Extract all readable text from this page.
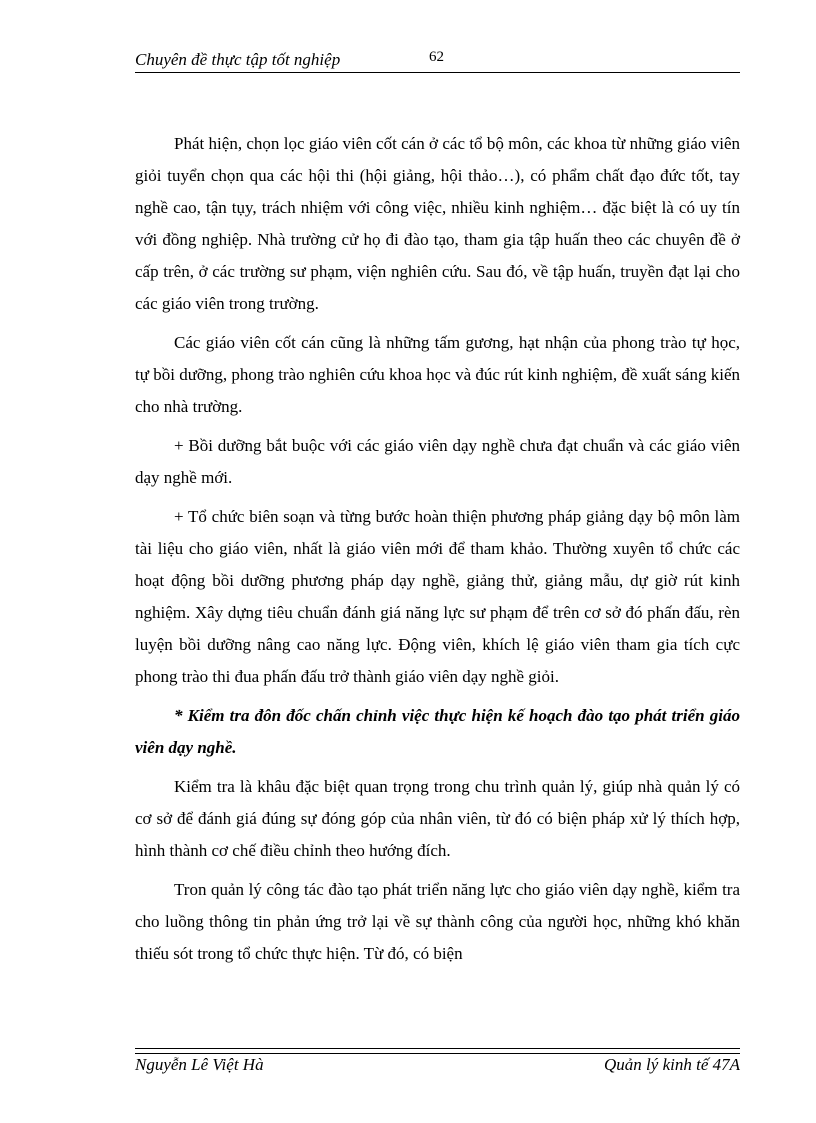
Chuyên đề thực tập tốt nghiệp	62

Phát hiện, chọn lọc giáo viên cốt cán ở các tổ bộ môn, các khoa từ những giáo viên giỏi tuyển chọn qua các hội thi (hội giảng, hội thảo…), có phẩm chất đạo đức tốt, tay nghề cao, tận tụy, trách nhiệm với công việc, nhiều kinh nghiệm… đặc biệt là có uy tín với đồng nghiệp. Nhà trường cử họ đi đào tạo, tham gia tập huấn theo các chuyên đề ở cấp trên, ở các trường sư phạm, viện nghiên cứu. Sau đó, về tập huấn, truyền đạt lại cho các giáo viên trong trường.

Các giáo viên cốt cán cũng là những tấm gương, hạt nhận của phong trào tự học, tự bồi dưỡng, phong trào nghiên cứu khoa học và đúc rút kinh nghiệm, đề xuất sáng kiến cho nhà trường.

+ Bồi dưỡng bắt buộc với các giáo viên dạy nghề chưa đạt chuẩn và các giáo viên dạy nghề mới.

+ Tổ chức biên soạn và từng bước hoàn thiện phương pháp giảng dạy bộ môn làm tài liệu cho giáo viên, nhất là giáo viên mới để tham khảo. Thường xuyên tổ chức các hoạt động bồi dưỡng phương pháp dạy nghề, giảng thử, giảng mẫu, dự giờ rút kinh nghiệm. Xây dựng tiêu chuẩn đánh giá năng lực sư phạm để trên cơ sở đó phấn đấu, rèn luyện bồi dưỡng nâng cao năng lực. Động viên, khích lệ giáo viên tham gia tích cực phong trào thi đua phấn đấu trở thành giáo viên dạy nghề giỏi.

* Kiểm tra đôn đốc chấn chỉnh việc thực hiện kế hoạch đào tạo phát triển giáo viên dạy nghề.

Kiểm tra là khâu đặc biệt quan trọng trong chu trình quản lý, giúp nhà quản lý có cơ sở để đánh giá đúng sự đóng góp của nhân viên, từ đó có biện pháp xử lý thích hợp, hình thành cơ chế điều chỉnh theo hướng đích.

Tron quản lý công tác đào tạo phát triển năng lực cho giáo viên dạy nghề, kiểm tra cho luồng thông tin phản ứng trở lại về sự thành công của người học, những khó khăn thiếu sót trong tổ chức thực hiện. Từ đó, có biện

Nguyễn Lê Việt Hà	Quản lý kinh tế 47A
